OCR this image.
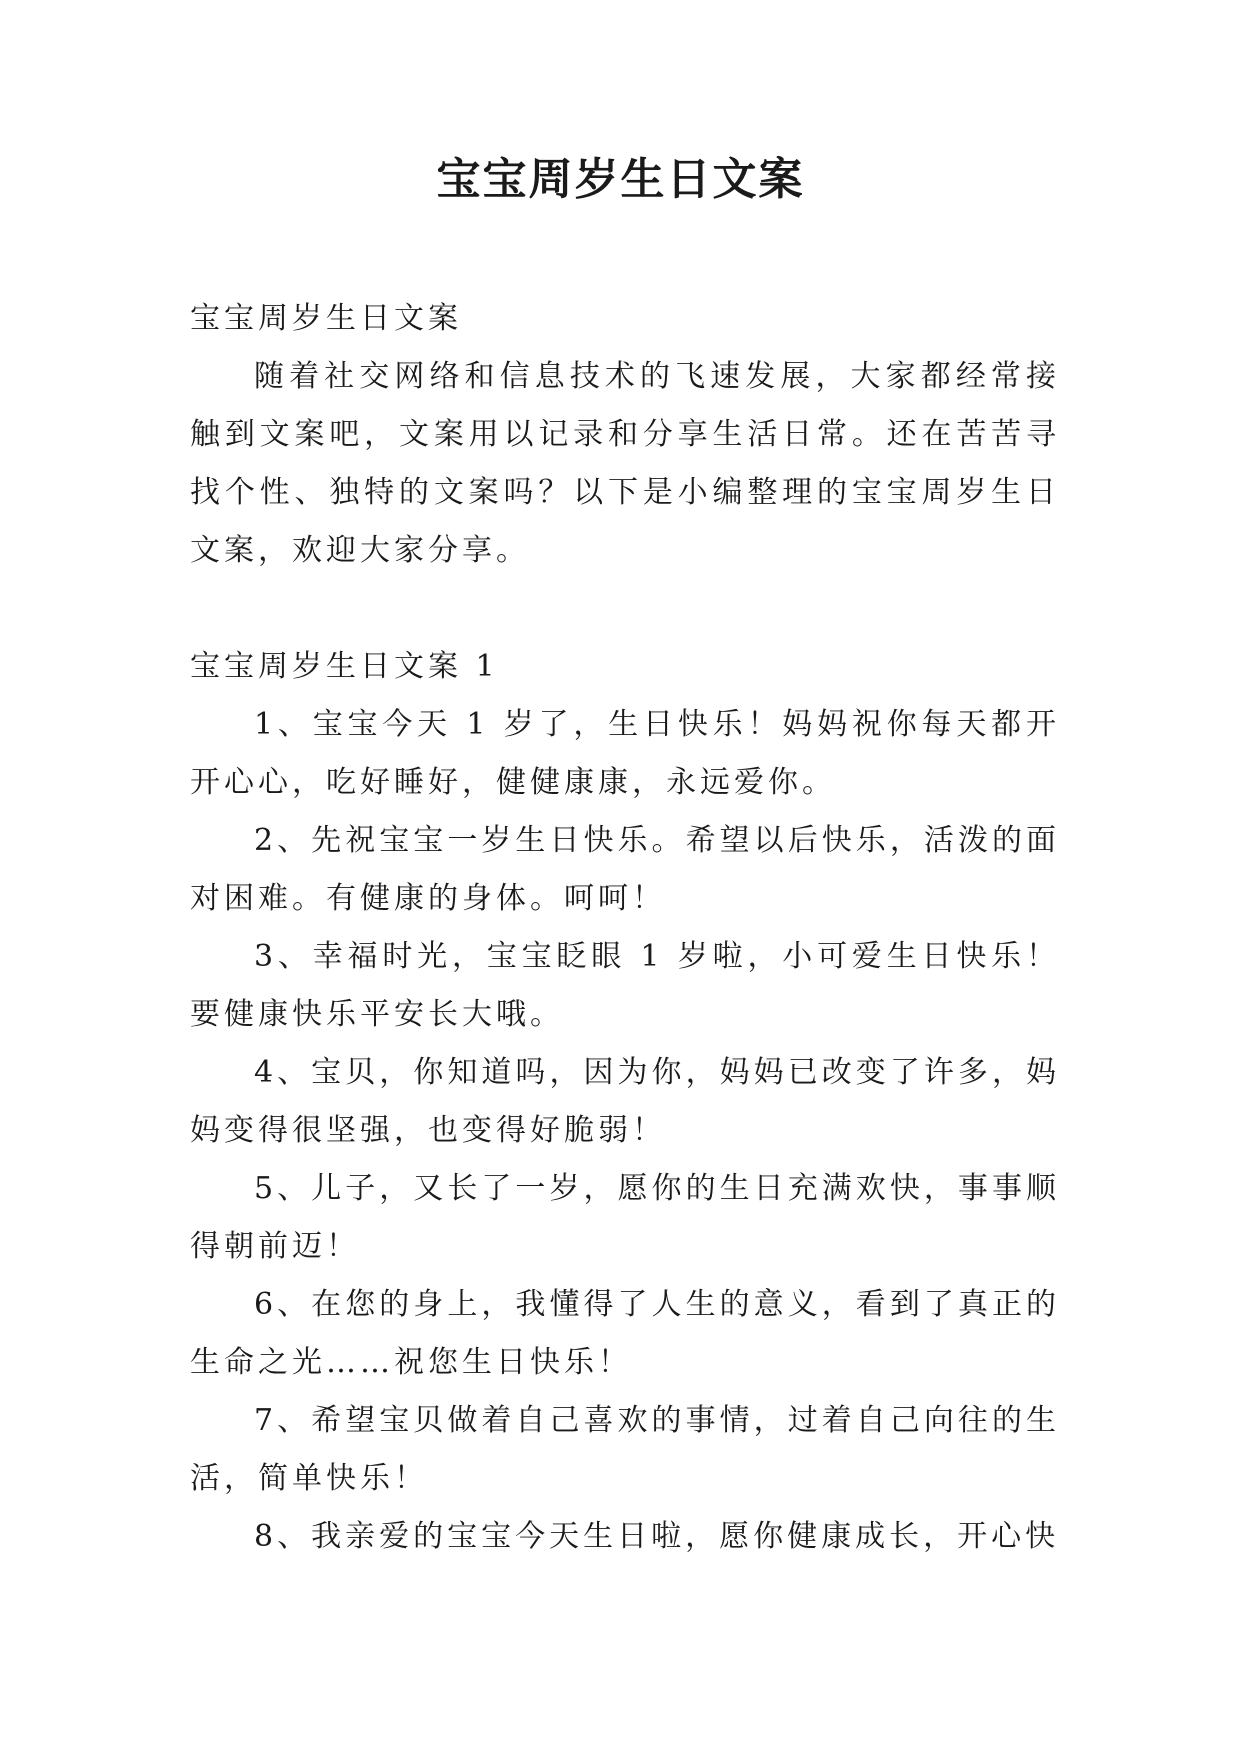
宝宝周岁生日文案

宝宝周岁生日文案

随着社交网络和信息技术的飞速发展，大家都经常接触到文案吧，文案用以记录和分享生活日常。还在苦苦寻找个性、独特的文案吗？以下是小编整理的宝宝周岁生日文案，欢迎大家分享。

宝宝周岁生日文案 1

1、宝宝今天 1 岁了，生日快乐！妈妈祝你每天都开开心心，吃好睡好，健健康康，永远爱你。

2、先祝宝宝一岁生日快乐。希望以后快乐，活泼的面对困难。有健康的身体。呵呵！

3、幸福时光，宝宝眨眼 1 岁啦，小可爱生日快乐！要健康快乐平安长大哦。

4、宝贝，你知道吗，因为你，妈妈已改变了许多，妈妈变得很坚强，也变得好脆弱！

5、儿子，又长了一岁，愿你的生日充满欢快，事事顺得朝前迈！

6、在您的身上，我懂得了人生的意义，看到了真正的生命之光……祝您生日快乐！

7、希望宝贝做着自己喜欢的事情，过着自己向往的生活，简单快乐！

8、我亲爱的宝宝今天生日啦，愿你健康成长，开心快
